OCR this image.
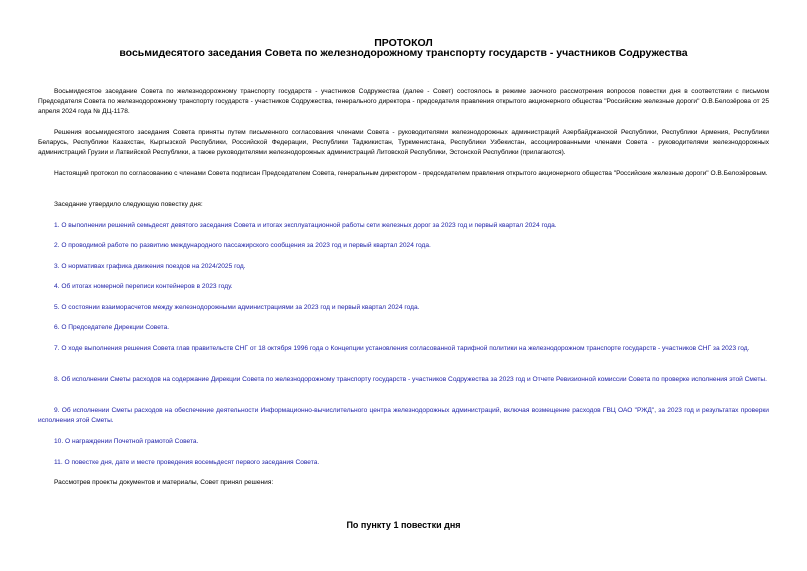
ПРОТОКОЛ
восьмидесятого заседания Совета по железнодорожному транспорту государств - участников Содружества

Восьмидесятое заседание Совета по железнодорожному транспорту государств - участников Содружества (далее - Совет) состоялось в режиме заочного рассмотрения вопросов повестки дня в соответствии с письмом Председателя Совета по железнодорожному транспорту государств - участников Содружества, генерального директора - председателя правления открытого акционерного общества "Российские железные дороги" О.В.Белозёрова от 25 апреля 2024 года № ДЦ-1178.

Решения восьмидесятого заседания Совета приняты путем письменного согласования членами Совета - руководителями железнодорожных администраций Азербайджанской Республики, Республики Армения, Республики Беларусь, Республики Казахстан, Кыргызской Республики, Российской Федерации, Республики Таджикистан, Туркменистана, Республики Узбекистан, ассоциированными членами Совета - руководителями железнодорожных администраций Грузии и Латвийской Республики, а также руководителями железнодорожных администраций Литовской Республики, Эстонской Республики (прилагаются).

Настоящий протокол по согласованию с членами Совета подписан Председателем Совета, генеральным директором - председателем правления открытого акционерного общества "Российские железные дороги" О.В.Белозёровым.

Заседание утвердило следующую повестку дня:

1. О выполнении решений семьдесят девятого заседания Совета и итогах эксплуатационной работы сети железных дорог за 2023 год и первый квартал 2024 года.

2. О проводимой работе по развитию международного пассажирского сообщения за 2023 год и первый квартал 2024 года.

3. О нормативах графика движения поездов на 2024/2025 год.

4. Об итогах номерной переписи контейнеров в 2023 году.

5. О состоянии взаиморасчетов между железнодорожными администрациями за 2023 год и первый квартал 2024 года.

6. О Председателе Дирекции Совета.

7. О ходе выполнения решения Совета глав правительств СНГ от 18 октября 1996 года о Концепции установления согласованной тарифной политики на железнодорожном транспорте государств - участников СНГ за 2023 год.

8. Об исполнении Сметы расходов на содержание Дирекции Совета по железнодорожному транспорту государств - участников Содружества за 2023 год и Отчете Ревизионной комиссии Совета по проверке исполнения этой Сметы.

9. Об исполнении Сметы расходов на обеспечение деятельности Информационно-вычислительного центра железнодорожных администраций, включая возмещение расходов ГВЦ ОАО "РЖД", за 2023 год и результатах проверки исполнения этой Сметы.

10. О награждении Почетной грамотой Совета.

11. О повестке дня, дате и месте проведения восемьдесят первого заседания Совета.

Рассмотрев проекты документов и материалы, Совет принял решения:

По пункту 1 повестки дня
